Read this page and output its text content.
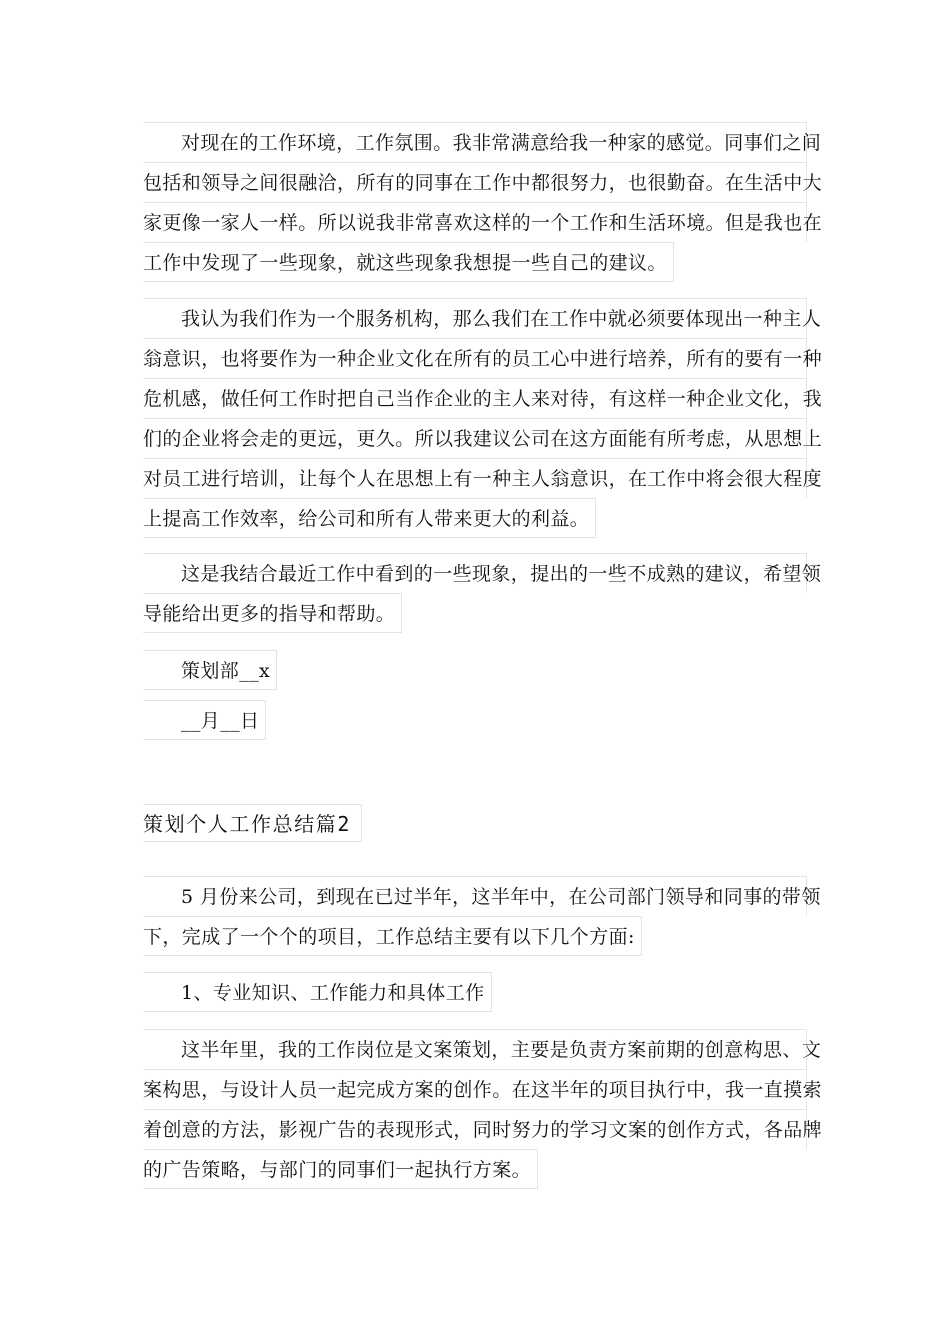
对现在的工作环境，工作氛围。我非常满意给我一种家的感觉。同事们之间
包括和领导之间很融洽，所有的同事在工作中都很努力，也很勤奋。在生活中大
家更像一家人一样。所以说我非常喜欢这样的一个工作和生活环境。但是我也在
工作中发现了一些现象，就这些现象我想提一些自己的建议。
我认为我们作为一个服务机构，那么我们在工作中就必须要体现出一种主人
翁意识，也将要作为一种企业文化在所有的员工心中进行培养，所有的要有一种
危机感，做任何工作时把自己当作企业的主人来对待，有这样一种企业文化，我
们的企业将会走的更远，更久。所以我建议公司在这方面能有所考虑，从思想上
对员工进行培训，让每个人在思想上有一种主人翁意识，在工作中将会很大程度
上提高工作效率，给公司和所有人带来更大的利益。
这是我结合最近工作中看到的一些现象，提出的一些不成熟的建议，希望领
导能给出更多的指导和帮助。
策划部__x
__月__日
策划个人工作总结篇2
5 月份来公司，到现在已过半年，这半年中，在公司部门领导和同事的带领
下，完成了一个个的项目，工作总结主要有以下几个方面:
1、专业知识、工作能力和具体工作
这半年里，我的工作岗位是文案策划，主要是负责方案前期的创意构思、文
案构思，与设计人员一起完成方案的创作。在这半年的项目执行中，我一直摸索
着创意的方法，影视广告的表现形式，同时努力的学习文案的创作方式，各品牌
的广告策略，与部门的同事们一起执行方案。
